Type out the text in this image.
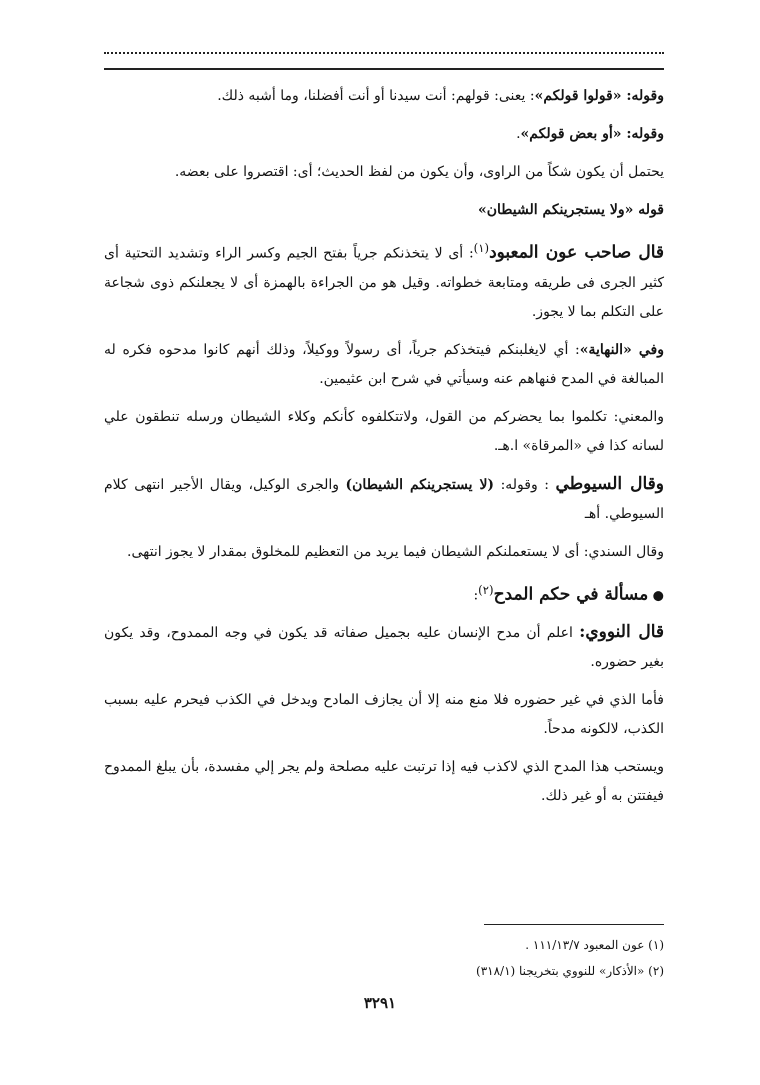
وقوله: «قولوا قولكم»: يعنى: قولهم: أنت سيدنا أو أنت أفضلنا، وما أشبه ذلك.

وقوله: «أو بعض قولكم».

يحتمل أن يكون شكاً من الراوى، وأن يكون من لفظ الحديث؛ أى: اقتصروا على بعضه.

قوله «ولا يستجرينكم الشيطان»

قال صاحب عون المعبود$^{(١)}$: أى لا يتخذنكم جرياً بفتح الجيم وكسر الراء وتشديد التحتية أى كثير الجرى فى طريقه ومتابعة خطواته. وقيل هو من الجراءة بالهمزة أى لا يجعلنكم ذوى شجاعة على التكلم بما لا يجوز.

وفي «النهاية»: أي لايغلبنكم فيتخذكم جرياً، أى رسولاً ووكيلاً، وذلك أنهم كانوا مدحوه فكره له المبالغة في المدح فنهاهم عنه وسيأتي في شرح ابن عثيمين.

والمعني: تكلموا بما يحضركم من القول، ولاتتكلفوه كأنكم وكلاء الشيطان ورسله تنطقون علي لسانه كذا في «المرقاة» ا.هـ.

وقال السيوطي : وقوله: (لا يستجرينكم الشيطان) والجرى الوكيل، ويقال الأجير انتهى كلام السيوطي. أهـ

وقال السندي: أى لا يستعملنكم الشيطان فيما يريد من التعظيم للمخلوق بمقدار لا يجوز انتهى.

● مسألة في حكم المدح$^{(٢)}$:

قال النووي: اعلم أن مدح الإنسان عليه بجميل صفاته قد يكون في وجه الممدوح، وقد يكون بغير حضوره.

فأما الذي في غير حضوره فلا منع منه إلا أن يجازف المادح ويدخل في الكذب فيحرم عليه بسبب الكذب، لالكونه مدحاً.

ويستحب هذا المدح الذي لاكذب فيه إذا ترتبت عليه مصلحة ولم يجر إلي مفسدة، بأن يبلغ الممدوح فيفتتن به أو غير ذلك.

(١) عون المعبود ١١١/١٣/٧ .
(٢) «الأذكار» للنووي بتخريجنا (٣١٨/١)
٣٢٩١
